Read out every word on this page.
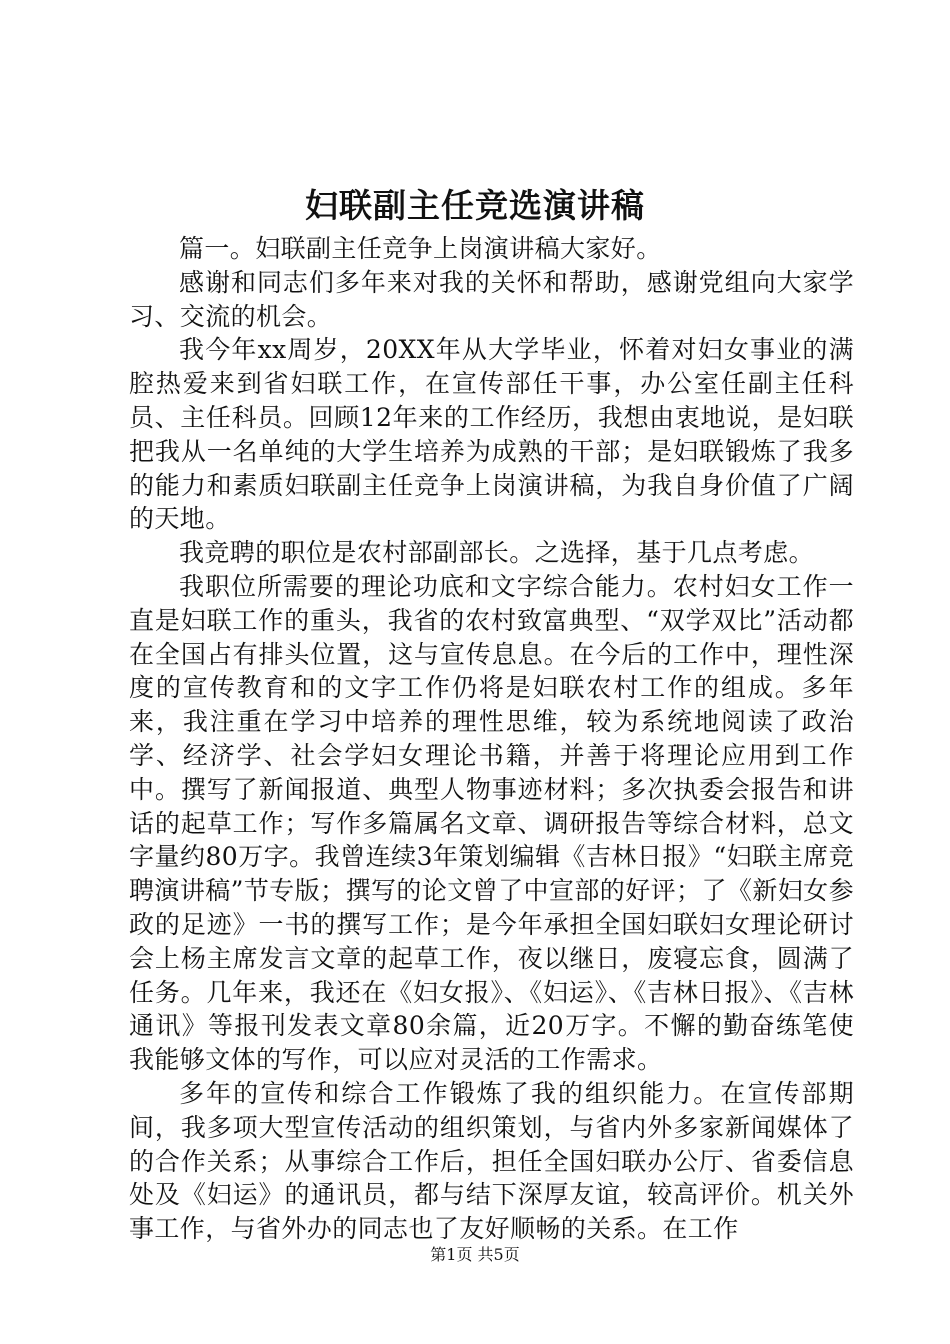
妇联副主任竞选演讲稿

篇一。妇联副主任竞争上岗演讲稿大家好。

感谢和同志们多年来对我的关怀和帮助，感谢党组向大家学习、交流的机会。

我今年xx周岁，20XX年从大学毕业，怀着对妇女事业的满腔热爱来到省妇联工作，在宣传部任干事，办公室任副主任科员、主任科员。回顾12年来的工作经历，我想由衷地说，是妇联把我从一名单纯的大学生培养为成熟的干部；是妇联锻炼了我多的能力和素质妇联副主任竞争上岗演讲稿，为我自身价值了广阔的天地。

我竞聘的职位是农村部副部长。之选择，基于几点考虑。

我职位所需要的理论功底和文字综合能力。农村妇女工作一直是妇联工作的重头，我省的农村致富典型、“双学双比”活动都在全国占有排头位置，这与宣传息息。在今后的工作中，理性深度的宣传教育和的文字工作仍将是妇联农村工作的组成。多年来，我注重在学习中培养的理性思维，较为系统地阅读了政治学、经济学、社会学妇女理论书籍，并善于将理论应用到工作中。撰写了新闻报道、典型人物事迹材料；多次执委会报告和讲话的起草工作；写作多篇属名文章、调研报告等综合材料，总文字量约80万字。我曾连续3年策划编辑《吉林日报》“妇联主席竞聘演讲稿”节专版；撰写的论文曾了中宣部的好评；了《新妇女参政的足迹》一书的撰写工作；是今年承担全国妇联妇女理论研讨会上杨主席发言文章的起草工作，夜以继日，废寝忘食，圆满了任务。几年来，我还在《妇女报》、《妇运》、《吉林日报》、《吉林通讯》等报刊发表文章80余篇，近20万字。不懈的勤奋练笔使我能够文体的写作，可以应对灵活的工作需求。

多年的宣传和综合工作锻炼了我的组织能力。在宣传部期间，我多项大型宣传活动的组织策划，与省内外多家新闻媒体了的合作关系；从事综合工作后，担任全国妇联办公厅、省委信息处及《妇运》的通讯员，都与结下深厚友谊，较高评价。机关外事工作，与省外办的同志也了友好顺畅的关系。在工作

第1页 共5页
